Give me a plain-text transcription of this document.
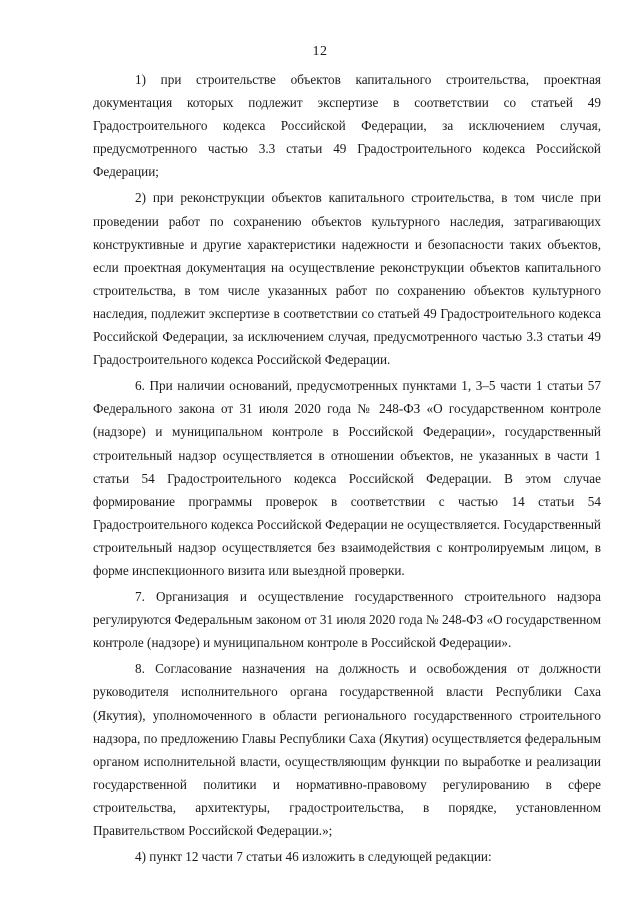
12

1) при строительстве объектов капитального строительства, проектная документация которых подлежит экспертизе в соответствии со статьей 49 Градостроительного кодекса Российской Федерации, за исключением случая, предусмотренного частью 3.3 статьи 49 Градостроительного кодекса Российской Федерации;

2) при реконструкции объектов капитального строительства, в том числе при проведении работ по сохранению объектов культурного наследия, затрагивающих конструктивные и другие характеристики надежности и безопасности таких объектов, если проектная документация на осуществление реконструкции объектов капитального строительства, в том числе указанных работ по сохранению объектов культурного наследия, подлежит экспертизе в соответствии со статьей 49 Градостроительного кодекса Российской Федерации, за исключением случая, предусмотренного частью 3.3 статьи 49 Градостроительного кодекса Российской Федерации.

6. При наличии оснований, предусмотренных пунктами 1, 3–5 части 1 статьи 57 Федерального закона от 31 июля 2020 года № 248-ФЗ «О государственном контроле (надзоре) и муниципальном контроле в Российской Федерации», государственный строительный надзор осуществляется в отношении объектов, не указанных в части 1 статьи 54 Градостроительного кодекса Российской Федерации. В этом случае формирование программы проверок в соответствии с частью 14 статьи 54 Градостроительного кодекса Российской Федерации не осуществляется. Государственный строительный надзор осуществляется без взаимодействия с контролируемым лицом, в форме инспекционного визита или выездной проверки.

7. Организация и осуществление государственного строительного надзора регулируются Федеральным законом от 31 июля 2020 года № 248-ФЗ «О государственном контроле (надзоре) и муниципальном контроле в Российской Федерации».

8. Согласование назначения на должность и освобождения от должности руководителя исполнительного органа государственной власти Республики Саха (Якутия), уполномоченного в области регионального государственного строительного надзора, по предложению Главы Республики Саха (Якутия) осуществляется федеральным органом исполнительной власти, осуществляющим функции по выработке и реализации государственной политики и нормативно-правовому регулированию в сфере строительства, архитектуры, градостроительства, в порядке, установленном Правительством Российской Федерации.»;

4) пункт 12 части 7 статьи 46 изложить в следующей редакции:
